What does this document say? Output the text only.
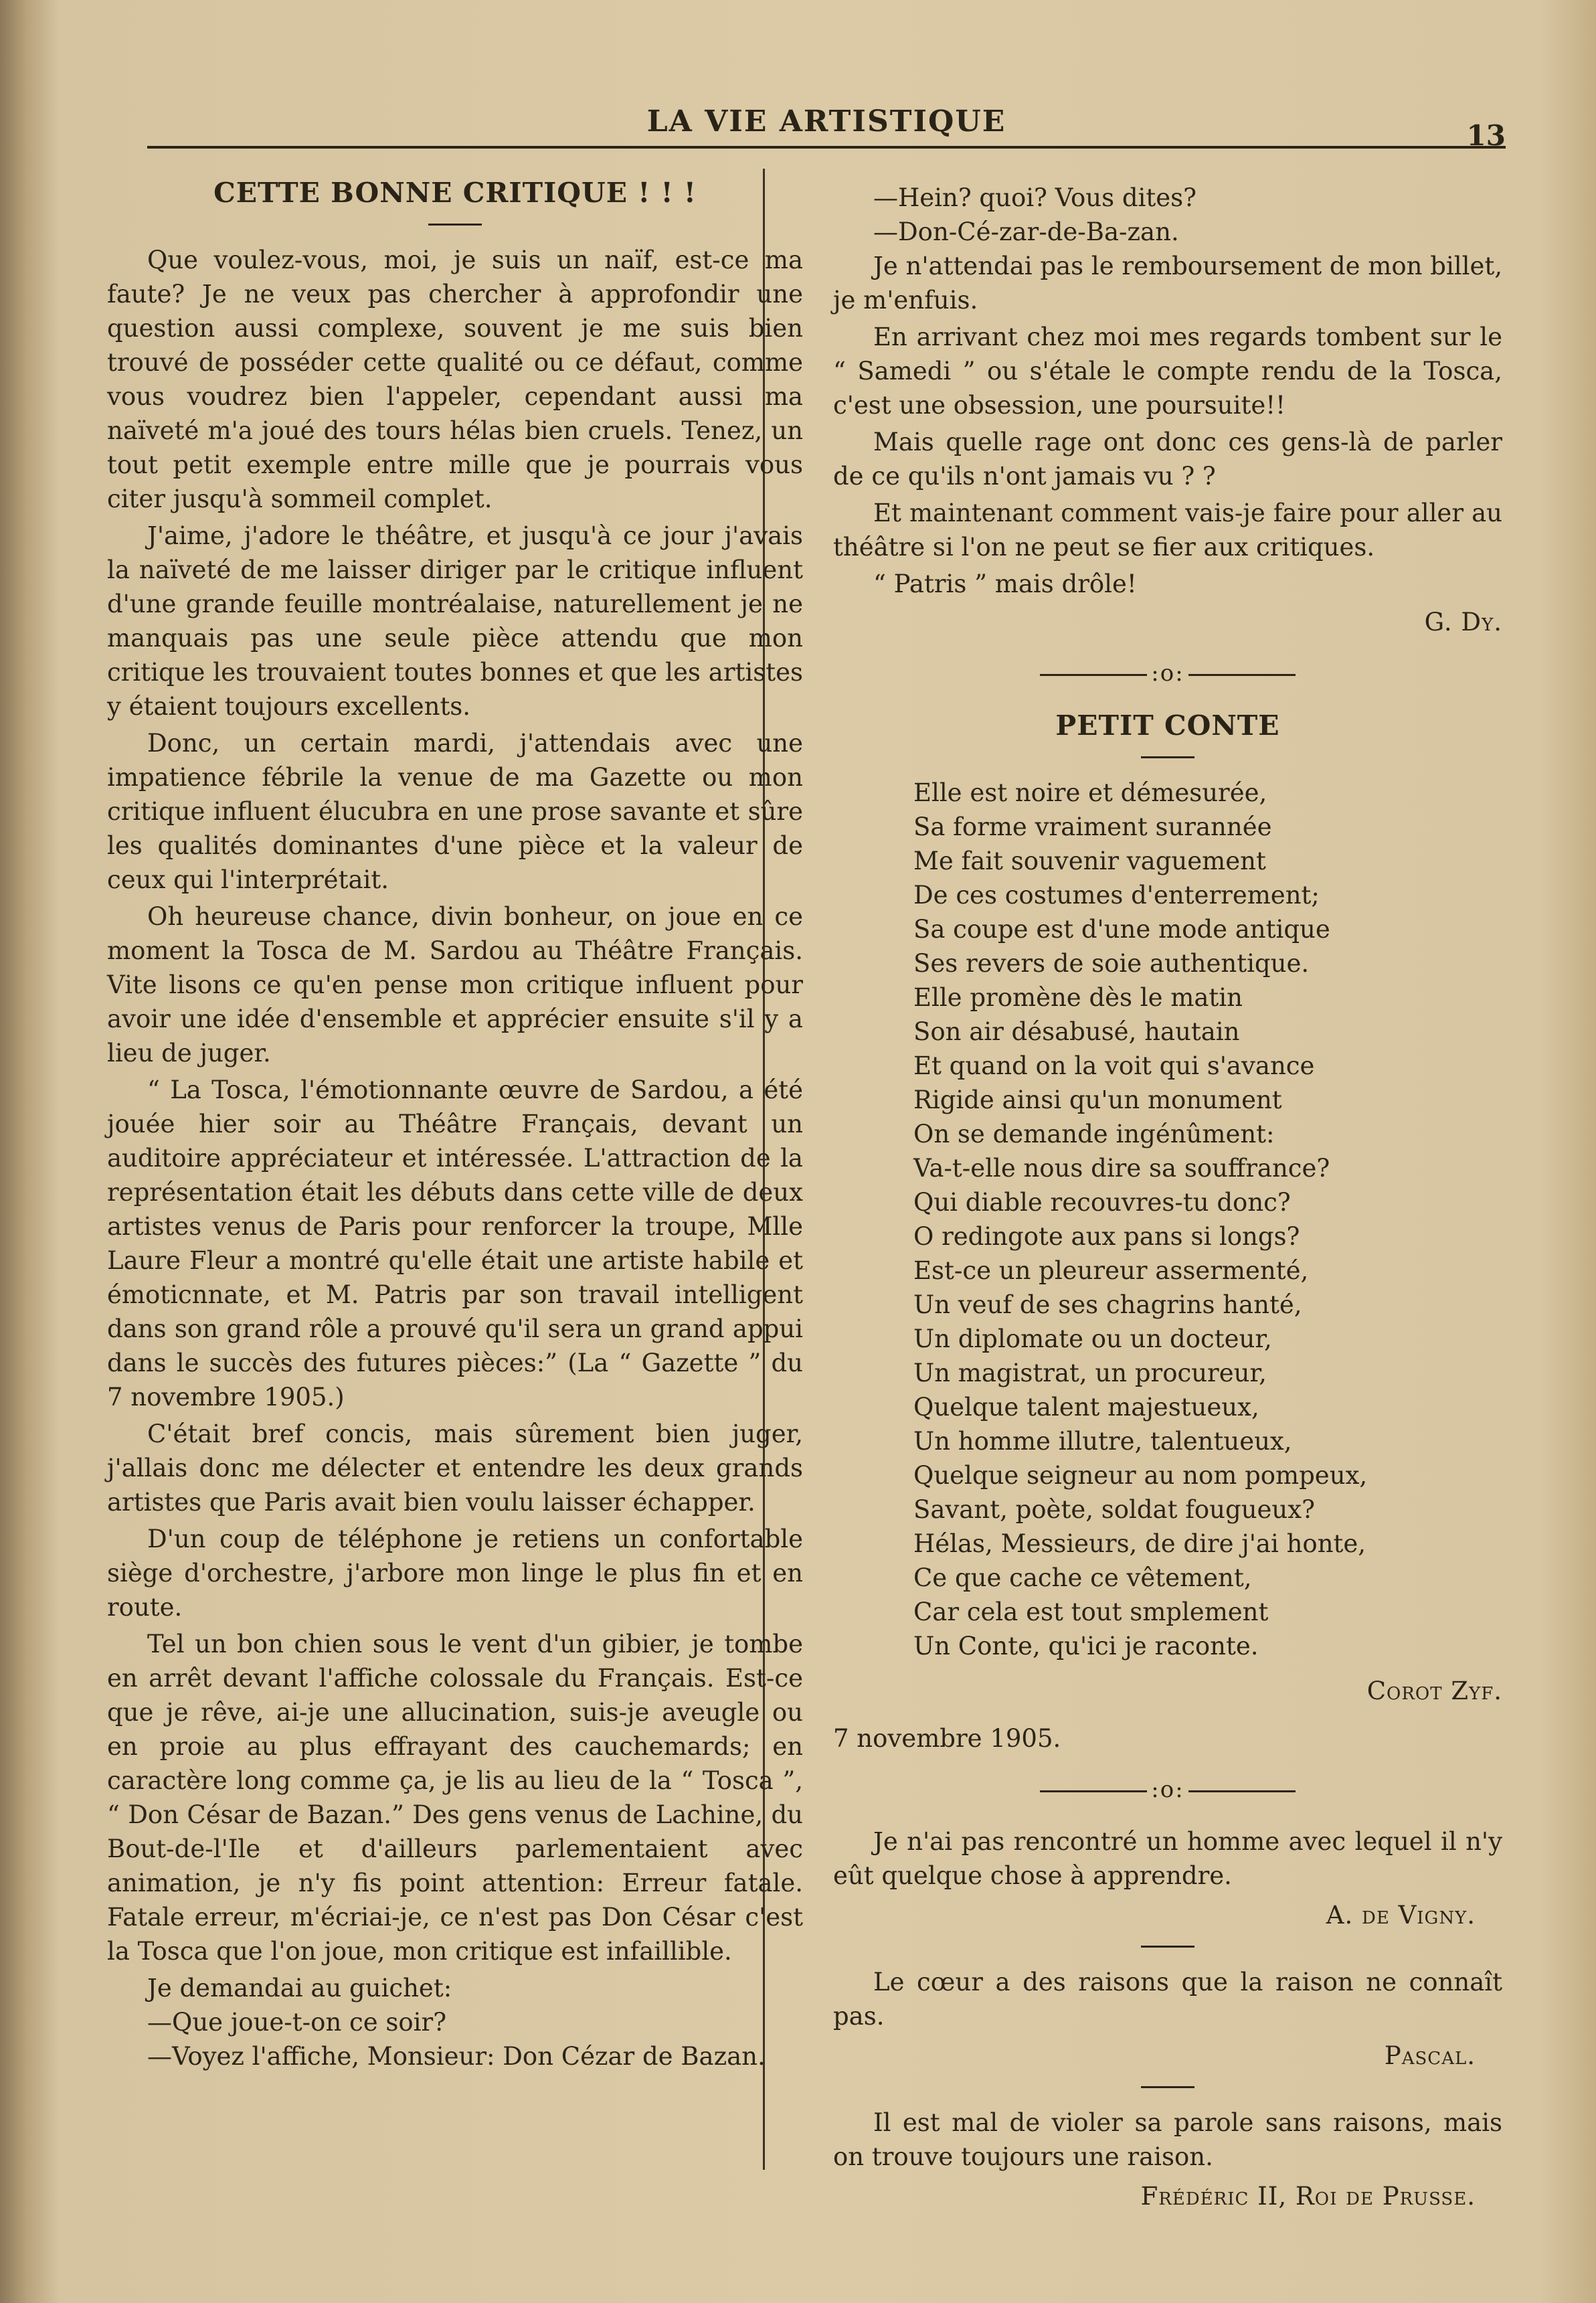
LA VIE ARTISTIQUE	13
CETTE BONNE CRITIQUE ! ! !

Que voulez-vous, moi, je suis un naïf, est-ce ma faute? Je ne veux pas chercher à approfondir une question aussi complexe, souvent je me suis bien trouvé de posséder cette qualité ou ce défaut, comme vous voudrez bien l'appeler, cependant aussi ma naïveté m'a joué des tours hélas bien cruels. Tenez, un tout petit exemple entre mille que je pourrais vous citer jusqu'à sommeil complet.

J'aime, j'adore le théâtre, et jusqu'à ce jour j'avais la naïveté de me laisser diriger par le critique influent d'une grande feuille montréalaise, naturellement je ne manquais pas une seule pièce attendu que mon critique les trouvaient toutes bonnes et que les artistes y étaient toujours excellents.

Donc, un certain mardi, j'attendais avec une impatience fébrile la venue de ma Gazette ou mon critique influent élucubra en une prose savante et sûre les qualités dominantes d'une pièce et la valeur de ceux qui l'interprétait.

Oh heureuse chance, divin bonheur, on joue en ce moment la Tosca de M. Sardou au Théâtre Français. Vite lisons ce qu'en pense mon critique influent pour avoir une idée d'ensemble et apprécier ensuite s'il y a lieu de juger.

“ La Tosca, l'émotionnante œuvre de Sardou, a été jouée hier soir au Théâtre Français, devant un auditoire appréciateur et intéressée. L'attraction de la représentation était les débuts dans cette ville de deux artistes venus de Paris pour renforcer la troupe, Mlle Laure Fleur a montré qu'elle était une artiste habile et émoticnnate, et M. Patris par son travail intelligent dans son grand rôle a prouvé qu'il sera un grand appui dans le succès des futures pièces:” (La “ Gazette ” du 7 novembre 1905.)

C'était bref concis, mais sûrement bien juger, j'allais donc me délecter et entendre les deux grands artistes que Paris avait bien voulu laisser échapper.

D'un coup de téléphone je retiens un confortable siège d'orchestre, j'arbore mon linge le plus fin et en route.

Tel un bon chien sous le vent d'un gibier, je tombe en arrêt devant l'affiche colossale du Français. Est-ce que je rêve, ai-je une allucination, suis-je aveugle ou en proie au plus effrayant des cauchemards; en caractère long comme ça, je lis au lieu de la “ Tosca ”, “ Don César de Bazan.” Des gens venus de Lachine, du Bout-de-l'Ile et d'ailleurs parlementaient avec animation, je n'y fis point attention: Erreur fatale. Fatale erreur, m'écriai-je, ce n'est pas Don César c'est la Tosca que l'on joue, mon critique est infaillible.

Je demandai au guichet:

—Que joue-t-on ce soir?

—Voyez l'affiche, Monsieur: Don Cézar de Bazan.

—Hein? quoi? Vous dites?

—Don-Cé-zar-de-Ba-zan.

Je n'attendai pas le remboursement de mon billet, je m'enfuis.

En arrivant chez moi mes regards tombent sur le “ Samedi ” ou s'étale le compte rendu de la Tosca, c'est une obsession, une poursuite!!

Mais quelle rage ont donc ces gens-là de parler de ce qu'ils n'ont jamais vu ? ?

Et maintenant comment vais-je faire pour aller au théâtre si l'on ne peut se fier aux critiques.

“ Patris ” mais drôle!

G. Dy.
:o:
PETIT CONTE
Elle est noire et démesurée,
Sa forme vraiment surannée
Me fait souvenir vaguement
De ces costumes d'enterrement;
Sa coupe est d'une mode antique
Ses revers de soie authentique.
Elle promène dès le matin
Son air désabusé, hautain
Et quand on la voit qui s'avance
Rigide ainsi qu'un monument
On se demande ingénûment:
Va-t-elle nous dire sa souffrance?
Qui diable recouvres-tu donc?
O redingote aux pans si longs?
Est-ce un pleureur assermenté,
Un veuf de ses chagrins hanté,
Un diplomate ou un docteur,
Un magistrat, un procureur,
Quelque talent majestueux,
Un homme illutre, talentueux,
Quelque seigneur au nom pompeux,
Savant, poète, soldat fougueux?
Hélas, Messieurs, de dire j'ai honte,
Ce que cache ce vêtement,
Car cela est tout smplement
Un Conte, qu'ici je raconte.
Corot Zyf.

7 novembre 1905.

:o:

Je n'ai pas rencontré un homme avec lequel il n'y eût quelque chose à apprendre.

A. de Vigny.

Le cœur a des raisons que la raison ne connaît pas.

Pascal.

Il est mal de violer sa parole sans raisons, mais on trouve toujours une raison.

Frédéric II, Roi de Prusse.
